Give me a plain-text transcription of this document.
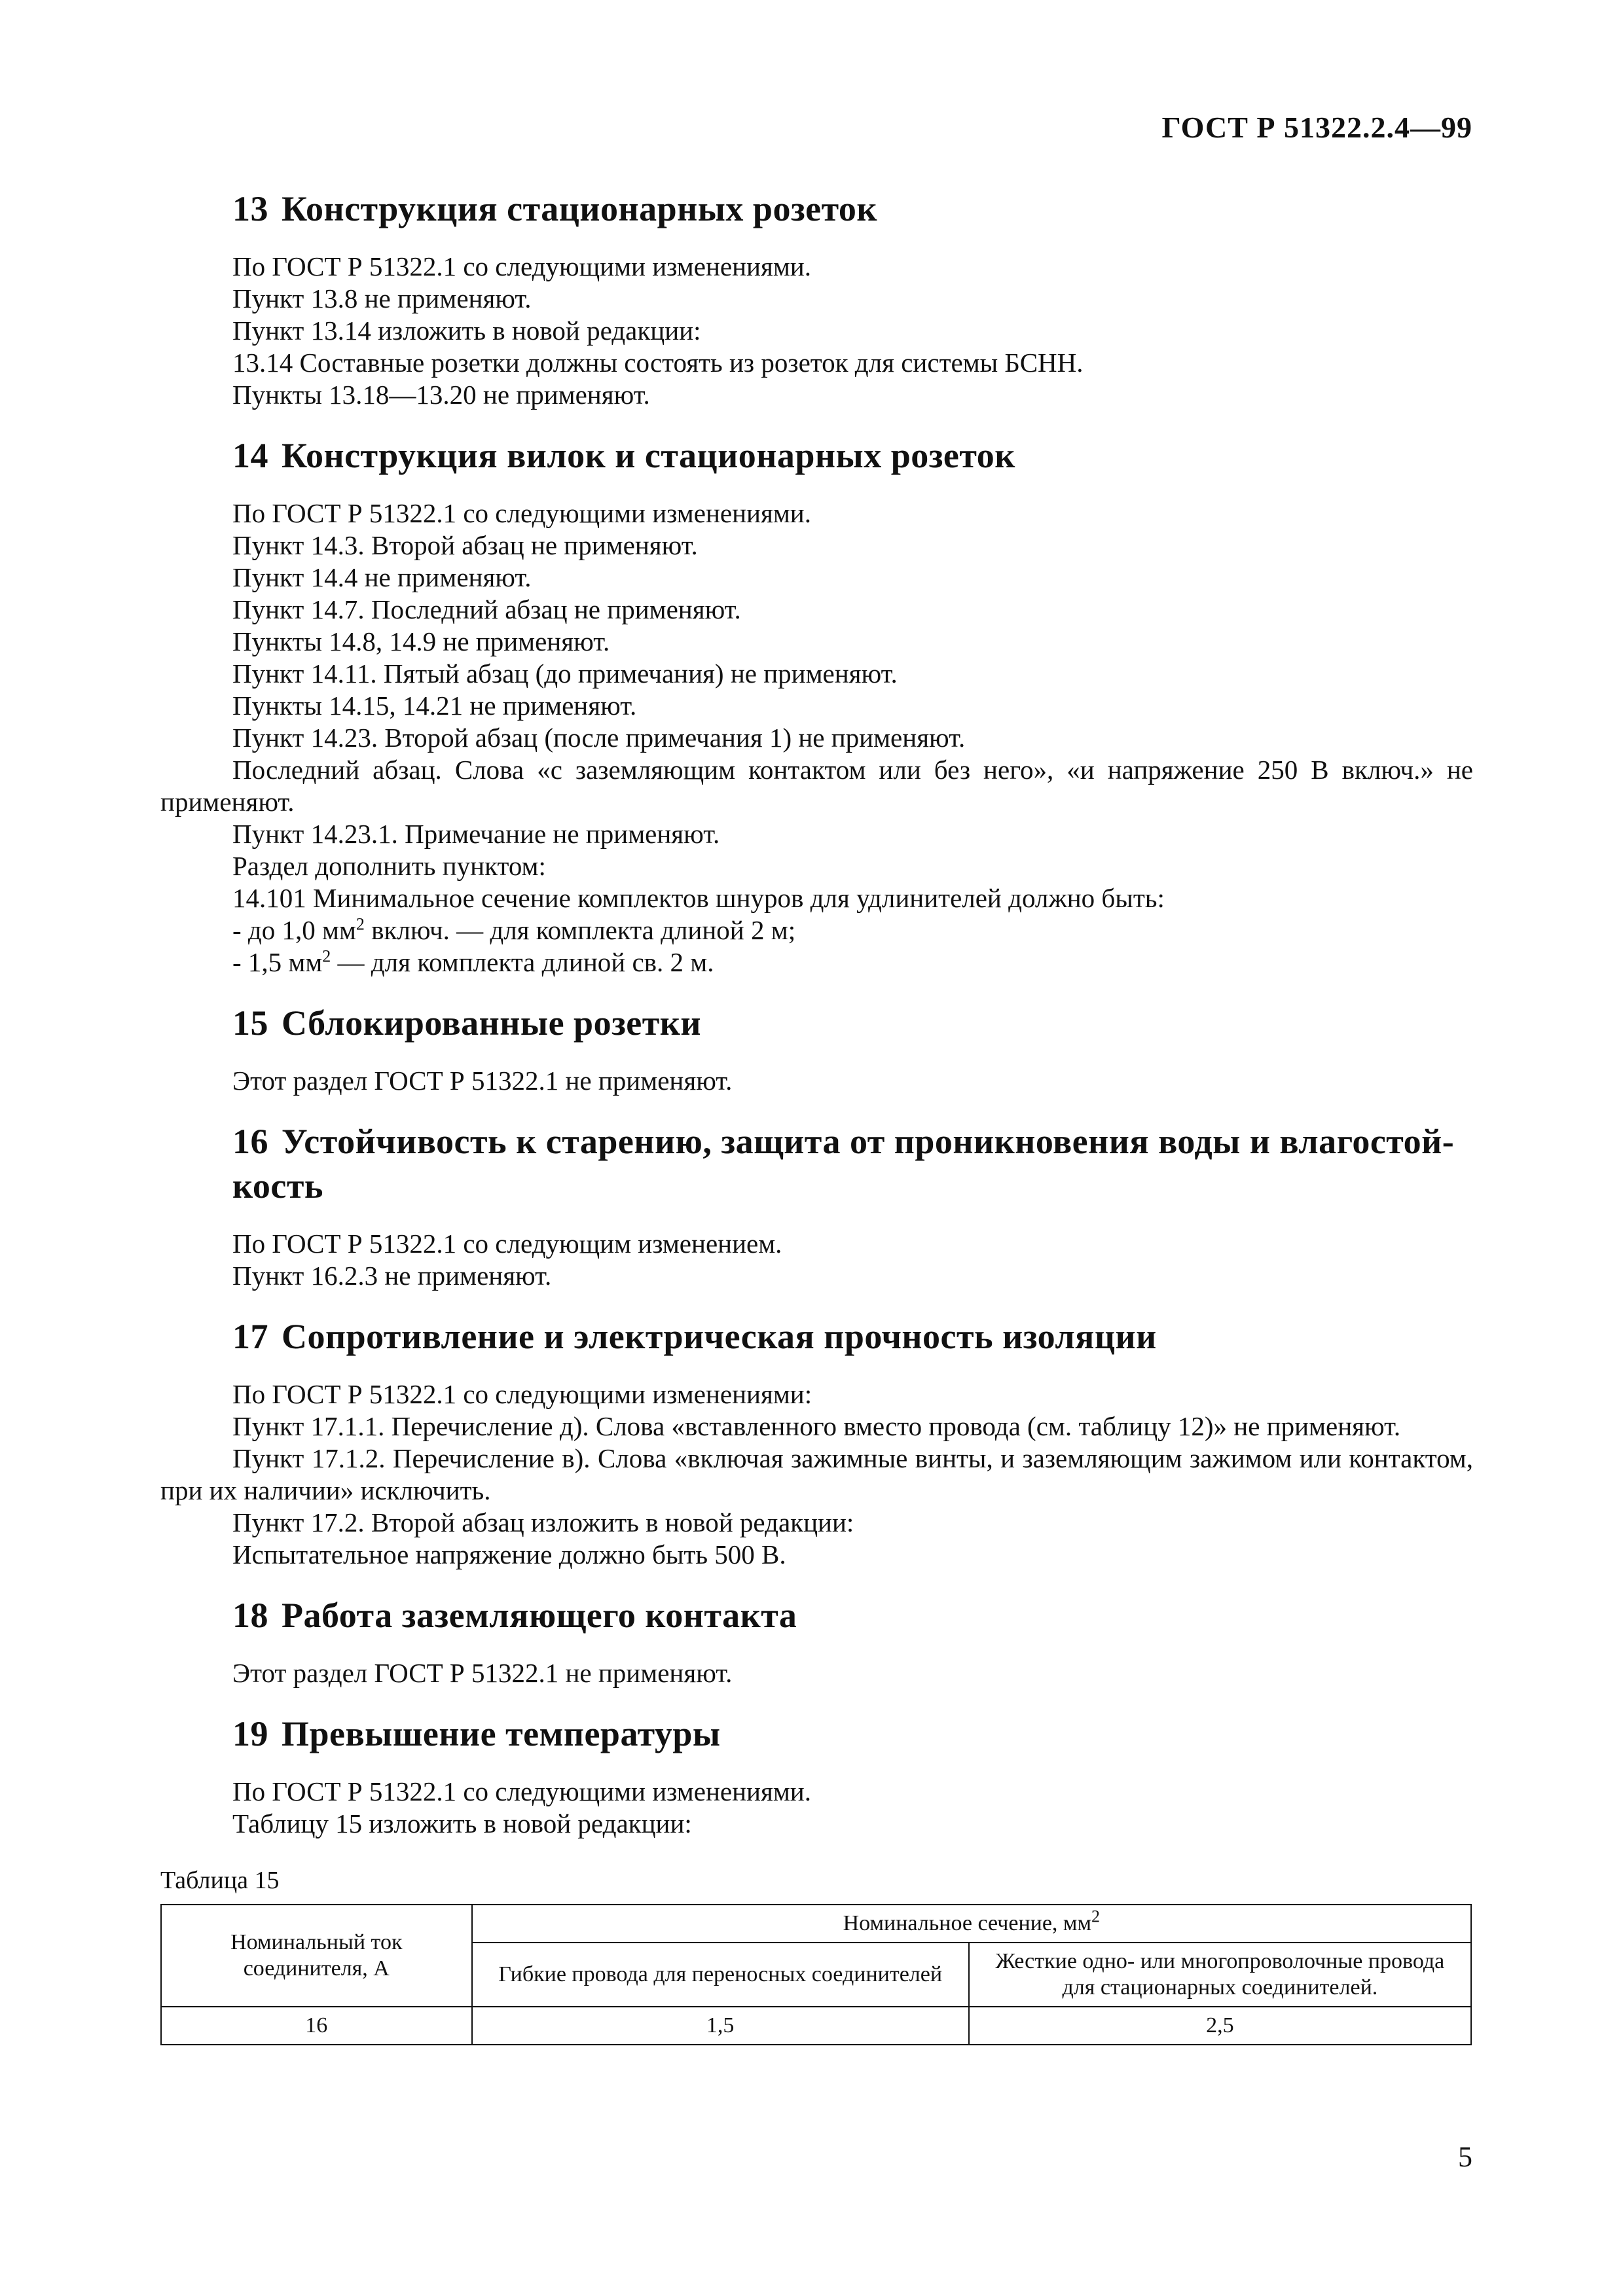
ГОСТ Р 51322.2.4—99
13 Конструкция стационарных розеток
По ГОСТ Р 51322.1 со следующими изменениями.
Пункт 13.8 не применяют.
Пункт 13.14 изложить в новой редакции:
13.14 Составные розетки должны состоять из розеток для системы БСНН.
Пункты 13.18—13.20 не применяют.
14 Конструкция вилок и стационарных розеток
По ГОСТ Р 51322.1 со следующими изменениями.
Пункт 14.3. Второй абзац не применяют.
Пункт 14.4 не применяют.
Пункт 14.7. Последний абзац не применяют.
Пункты 14.8, 14.9 не применяют.
Пункт 14.11. Пятый абзац (до примечания) не применяют.
Пункты 14.15, 14.21 не применяют.
Пункт 14.23. Второй абзац (после примечания 1) не применяют.
Последний абзац. Слова «с заземляющим контактом или без него», «и напряжение 250 В включ.» не применяют.
Пункт 14.23.1. Примечание не применяют.
Раздел дополнить пунктом:
14.101 Минимальное сечение комплектов шнуров для удлинителей должно быть:
- до 1,0 $мм^2$ включ. — для комплекта длиной 2 м;
- 1,5 $мм^2$ — для комплекта длиной св. 2 м.
15 Сблокированные розетки
Этот раздел ГОСТ Р 51322.1 не применяют.
16 Устойчивость к старению, защита от проникновения воды и влагостой-
кость
По ГОСТ Р 51322.1 со следующим изменением.
Пункт 16.2.3 не применяют.
17 Сопротивление и электрическая прочность изоляции
По ГОСТ Р 51322.1 со следующими изменениями:
Пункт 17.1.1. Перечисление д). Слова «вставленного вместо провода (см. таблицу 12)» не применяют.
Пункт 17.1.2. Перечисление в). Слова «включая зажимные винты, и заземляющим зажимом или контактом, при их наличии» исключить.
Пункт 17.2. Второй абзац изложить в новой редакции:
Испытательное напряжение должно быть 500 В.
18 Работа заземляющего контакта
Этот раздел ГОСТ Р 51322.1 не применяют.
19 Превышение температуры
По ГОСТ Р 51322.1 со следующими изменениями.
Таблицу 15 изложить в новой редакции:
Таблица 15
Номинальный ток соединителя, А	Номинальное сечение, $мм^2$
	Гибкие провода для переносных соединителей	Жесткие одно- или многопроволочные провода для стационарных соединителей.
16	1,5	2,5
5
